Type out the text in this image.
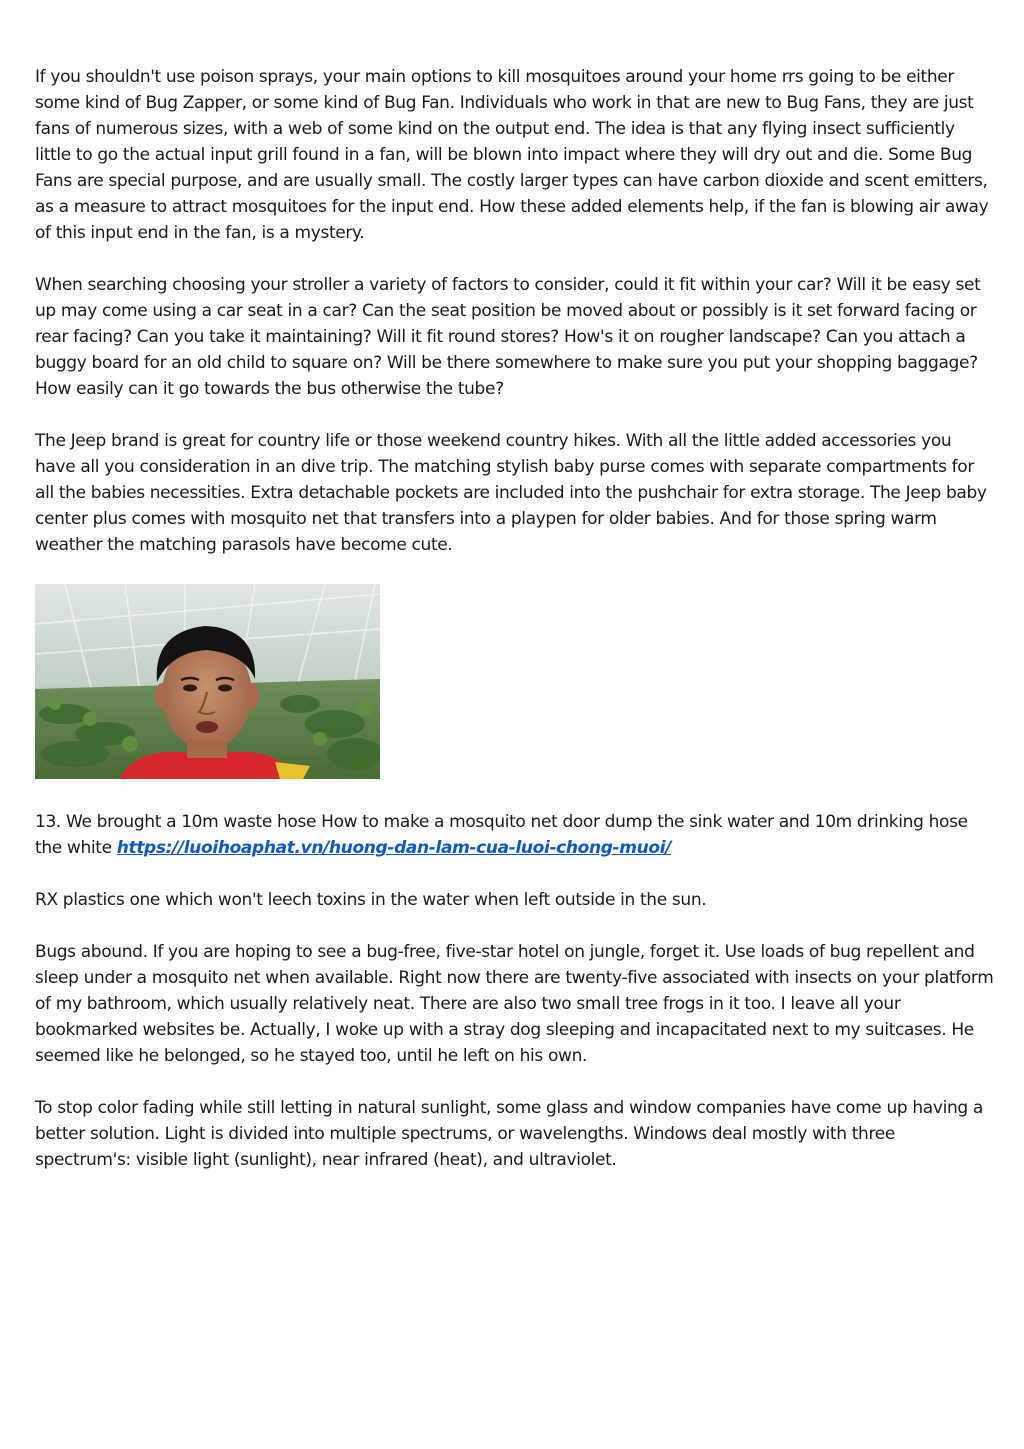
If you shouldn't use poison sprays, your main options to kill mosquitoes around your home rrs going to be either some kind of Bug Zapper, or some kind of Bug Fan. Individuals who work in that are new to Bug Fans, they are just fans of numerous sizes, with a web of some kind on the output end. The idea is that any flying insect sufficiently little to go the actual input grill found in a fan, will be blown into impact where they will dry out and die. Some Bug Fans are special purpose, and are usually small. The costly larger types can have carbon dioxide and scent emitters, as a measure to attract mosquitoes for the input end. How these added elements help, if the fan is blowing air away of this input end in the fan, is a mystery.

When searching choosing your stroller a variety of factors to consider, could it fit within your car? Will it be easy set up may come using a car seat in a car? Can the seat position be moved about or possibly is it set forward facing or rear facing? Can you take it maintaining? Will it fit round stores? How's it on rougher landscape? Can you attach a buggy board for an old child to square on? Will be there somewhere to make sure you put your shopping baggage? How easily can it go towards the bus otherwise the tube?

The Jeep brand is great for country life or those weekend country hikes. With all the little added accessories you have all you consideration in an dive trip. The matching stylish baby purse comes with separate compartments for all the babies necessities. Extra detachable pockets are included into the pushchair for extra storage. The Jeep baby center plus comes with mosquito net that transfers into a playpen for older babies. And for those spring warm weather the matching parasols have become cute.

13. We brought a 10m waste hose How to make a mosquito net door dump the sink water and 10m drinking hose the white https://luoihoaphat.vn/huong-dan-lam-cua-luoi-chong-muoi/

RX plastics one which won't leech toxins in the water when left outside in the sun.

Bugs abound. If you are hoping to see a bug-free, five-star hotel on jungle, forget it. Use loads of bug repellent and sleep under a mosquito net when available. Right now there are twenty-five associated with insects on your platform of my bathroom, which usually relatively neat. There are also two small tree frogs in it too. I leave all your bookmarked websites be. Actually, I woke up with a stray dog sleeping and incapacitated next to my suitcases. He seemed like he belonged, so he stayed too, until he left on his own.

To stop color fading while still letting in natural sunlight, some glass and window companies have come up having a better solution. Light is divided into multiple spectrums, or wavelengths. Windows deal mostly with three spectrum's: visible light (sunlight), near infrared (heat), and ultraviolet.
